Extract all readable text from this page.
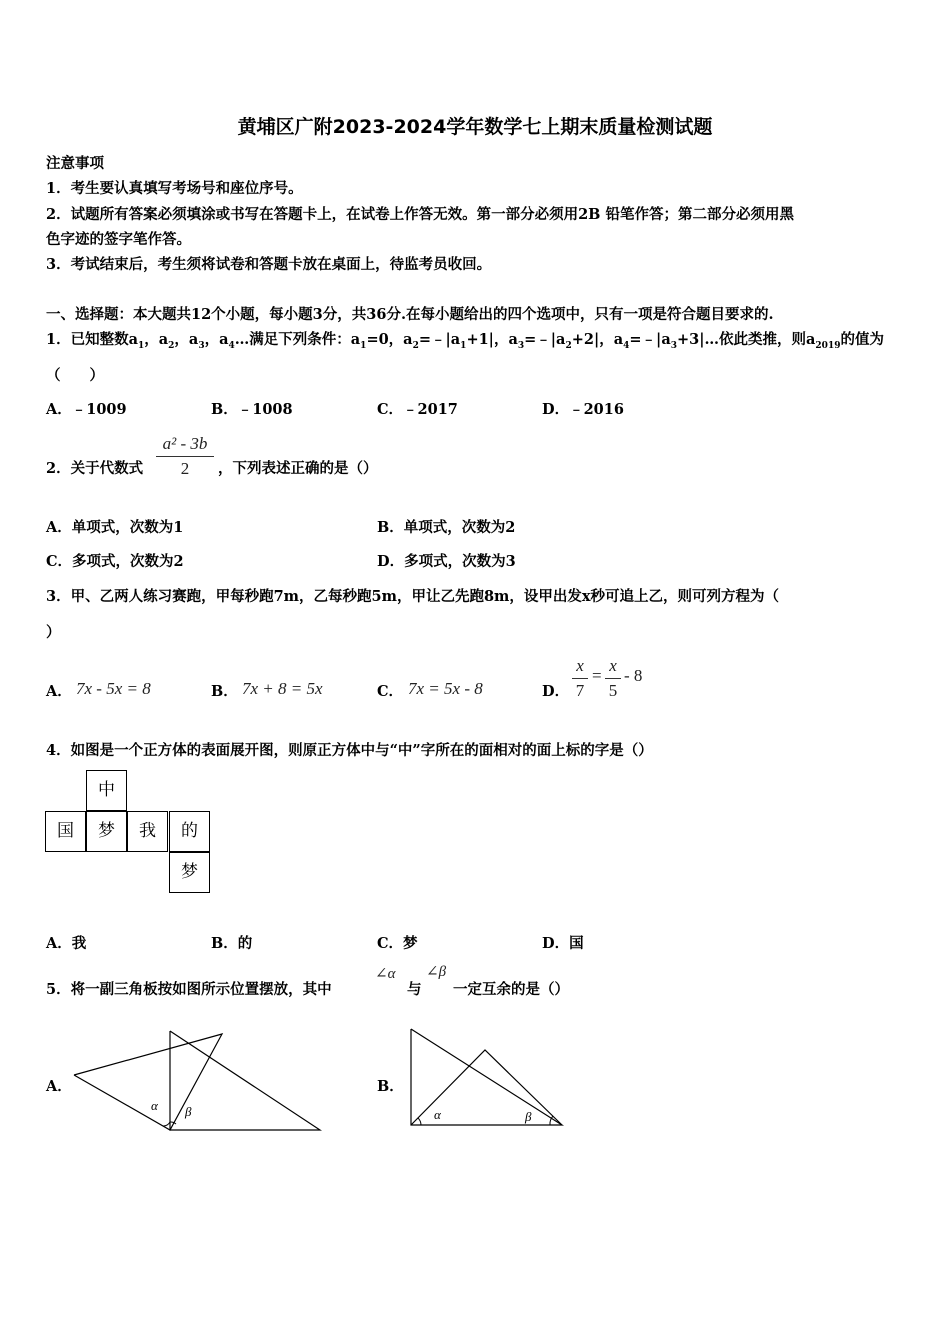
黄埔区广附2023-2024学年数学七上期末质量检测试题
注意事项
1．考生要认真填写考场号和座位序号。
2．试题所有答案必须填涂或书写在答题卡上，在试卷上作答无效。第一部分必须用2B 铅笔作答；第二部分必须用黑
色字迹的签字笔作答。
3．考试结束后，考生须将试卷和答题卡放在桌面上，待监考员收回。
一、选择题：本大题共12个小题，每小题3分，共36分.在每小题给出的四个选项中，只有一项是符合题目要求的.
1．已知整数$a_1$，$a_2$，$a_3$，$a_4\dots$满足下列条件：$a_1=0$，$a_2=﹣|a_1+1|$，$a_3=﹣|a_2+2|$，$a_4=﹣|a_3+3|\dots$依此类推，则$a_{2019}$的值为
（　　）
A．﹣1009	B．﹣1008	C．﹣2017	D．﹣2016
2．关于代数式
a² - 3b
2	，下列表述正确的是（）
A．单项式，次数为1	B．单项式，次数为2
C．多项式，次数为2	D．多项式，次数为3
3．甲、乙两人练习赛跑，甲每秒跑7m，乙每秒跑5m，甲让乙先跑8m，设甲出发x秒可追上乙，则可列方程为（
）
A． 7x - 5x = 8	B． 7x + 8 = 5x	C． 7x = 5x - 8	D．
x
7
=
x
5
- 8
4．如图是一个正方体的表面展开图，则原正方体中与“中”字所在的面相对的面上标的字是（）
中
国	梦	我	的
梦
A．我	B．的	C．梦	D．国
5．将一副三角板按如图所示位置摆放，其中
∠α
与
∠β
一定互余的是（）
A．
α β
B．
α	β
